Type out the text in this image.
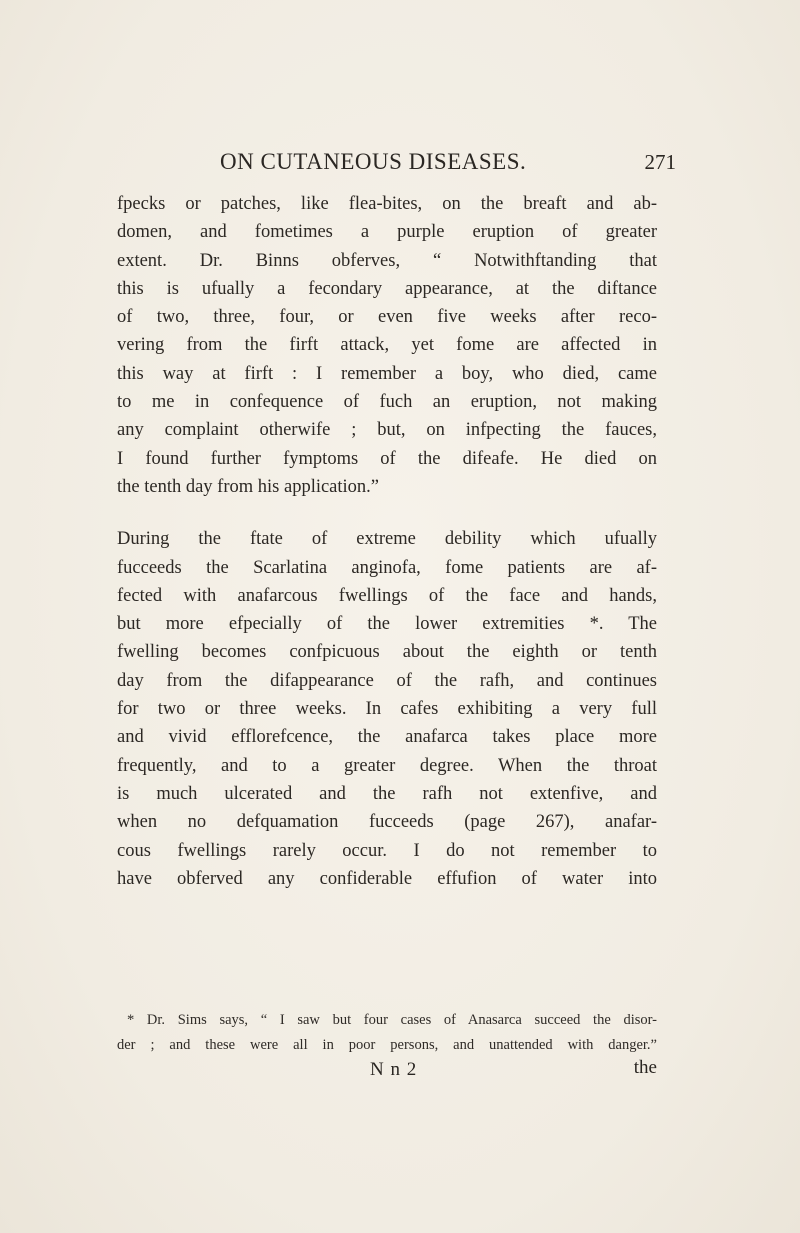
ON CUTANEOUS DISEASES.	271
fpecks or patches, like flea-bites, on the breaft and ab-
domen, and fometimes a purple eruption of greater
extent. Dr. Binns obferves, “ Notwithftanding that
this is ufually a fecondary appearance, at the diftance
of two, three, four, or even five weeks after reco-
vering from the firft attack, yet fome are affected in
this way at firft : I remember a boy, who died, came
to me in confequence of fuch an eruption, not making
any complaint otherwife ; but, on infpecting the fauces,
I found further fymptoms of the difeafe. He died on
the tenth day from his application.”
During the ftate of extreme debility which ufually
fucceeds the Scarlatina anginofa, fome patients are af-
fected with anafarcous fwellings of the face and hands,
but more efpecially of the lower extremities *. The
fwelling becomes confpicuous about the eighth or tenth
day from the difappearance of the rafh, and continues
for two or three weeks. In cafes exhibiting a very full
and vivid efflorefcence, the anafarca takes place more
frequently, and to a greater degree. When the throat
is much ulcerated and the rafh not extenfive, and
when no defquamation fucceeds (page 267), anafar-
cous fwellings rarely occur. I do not remember to
have obferved any confiderable effufion of water into
* Dr. Sims says, “ I saw but four cases of Anasarca succeed the disor-
der ; and these were all in poor persons, and unattended with danger.”
N n 2	the
